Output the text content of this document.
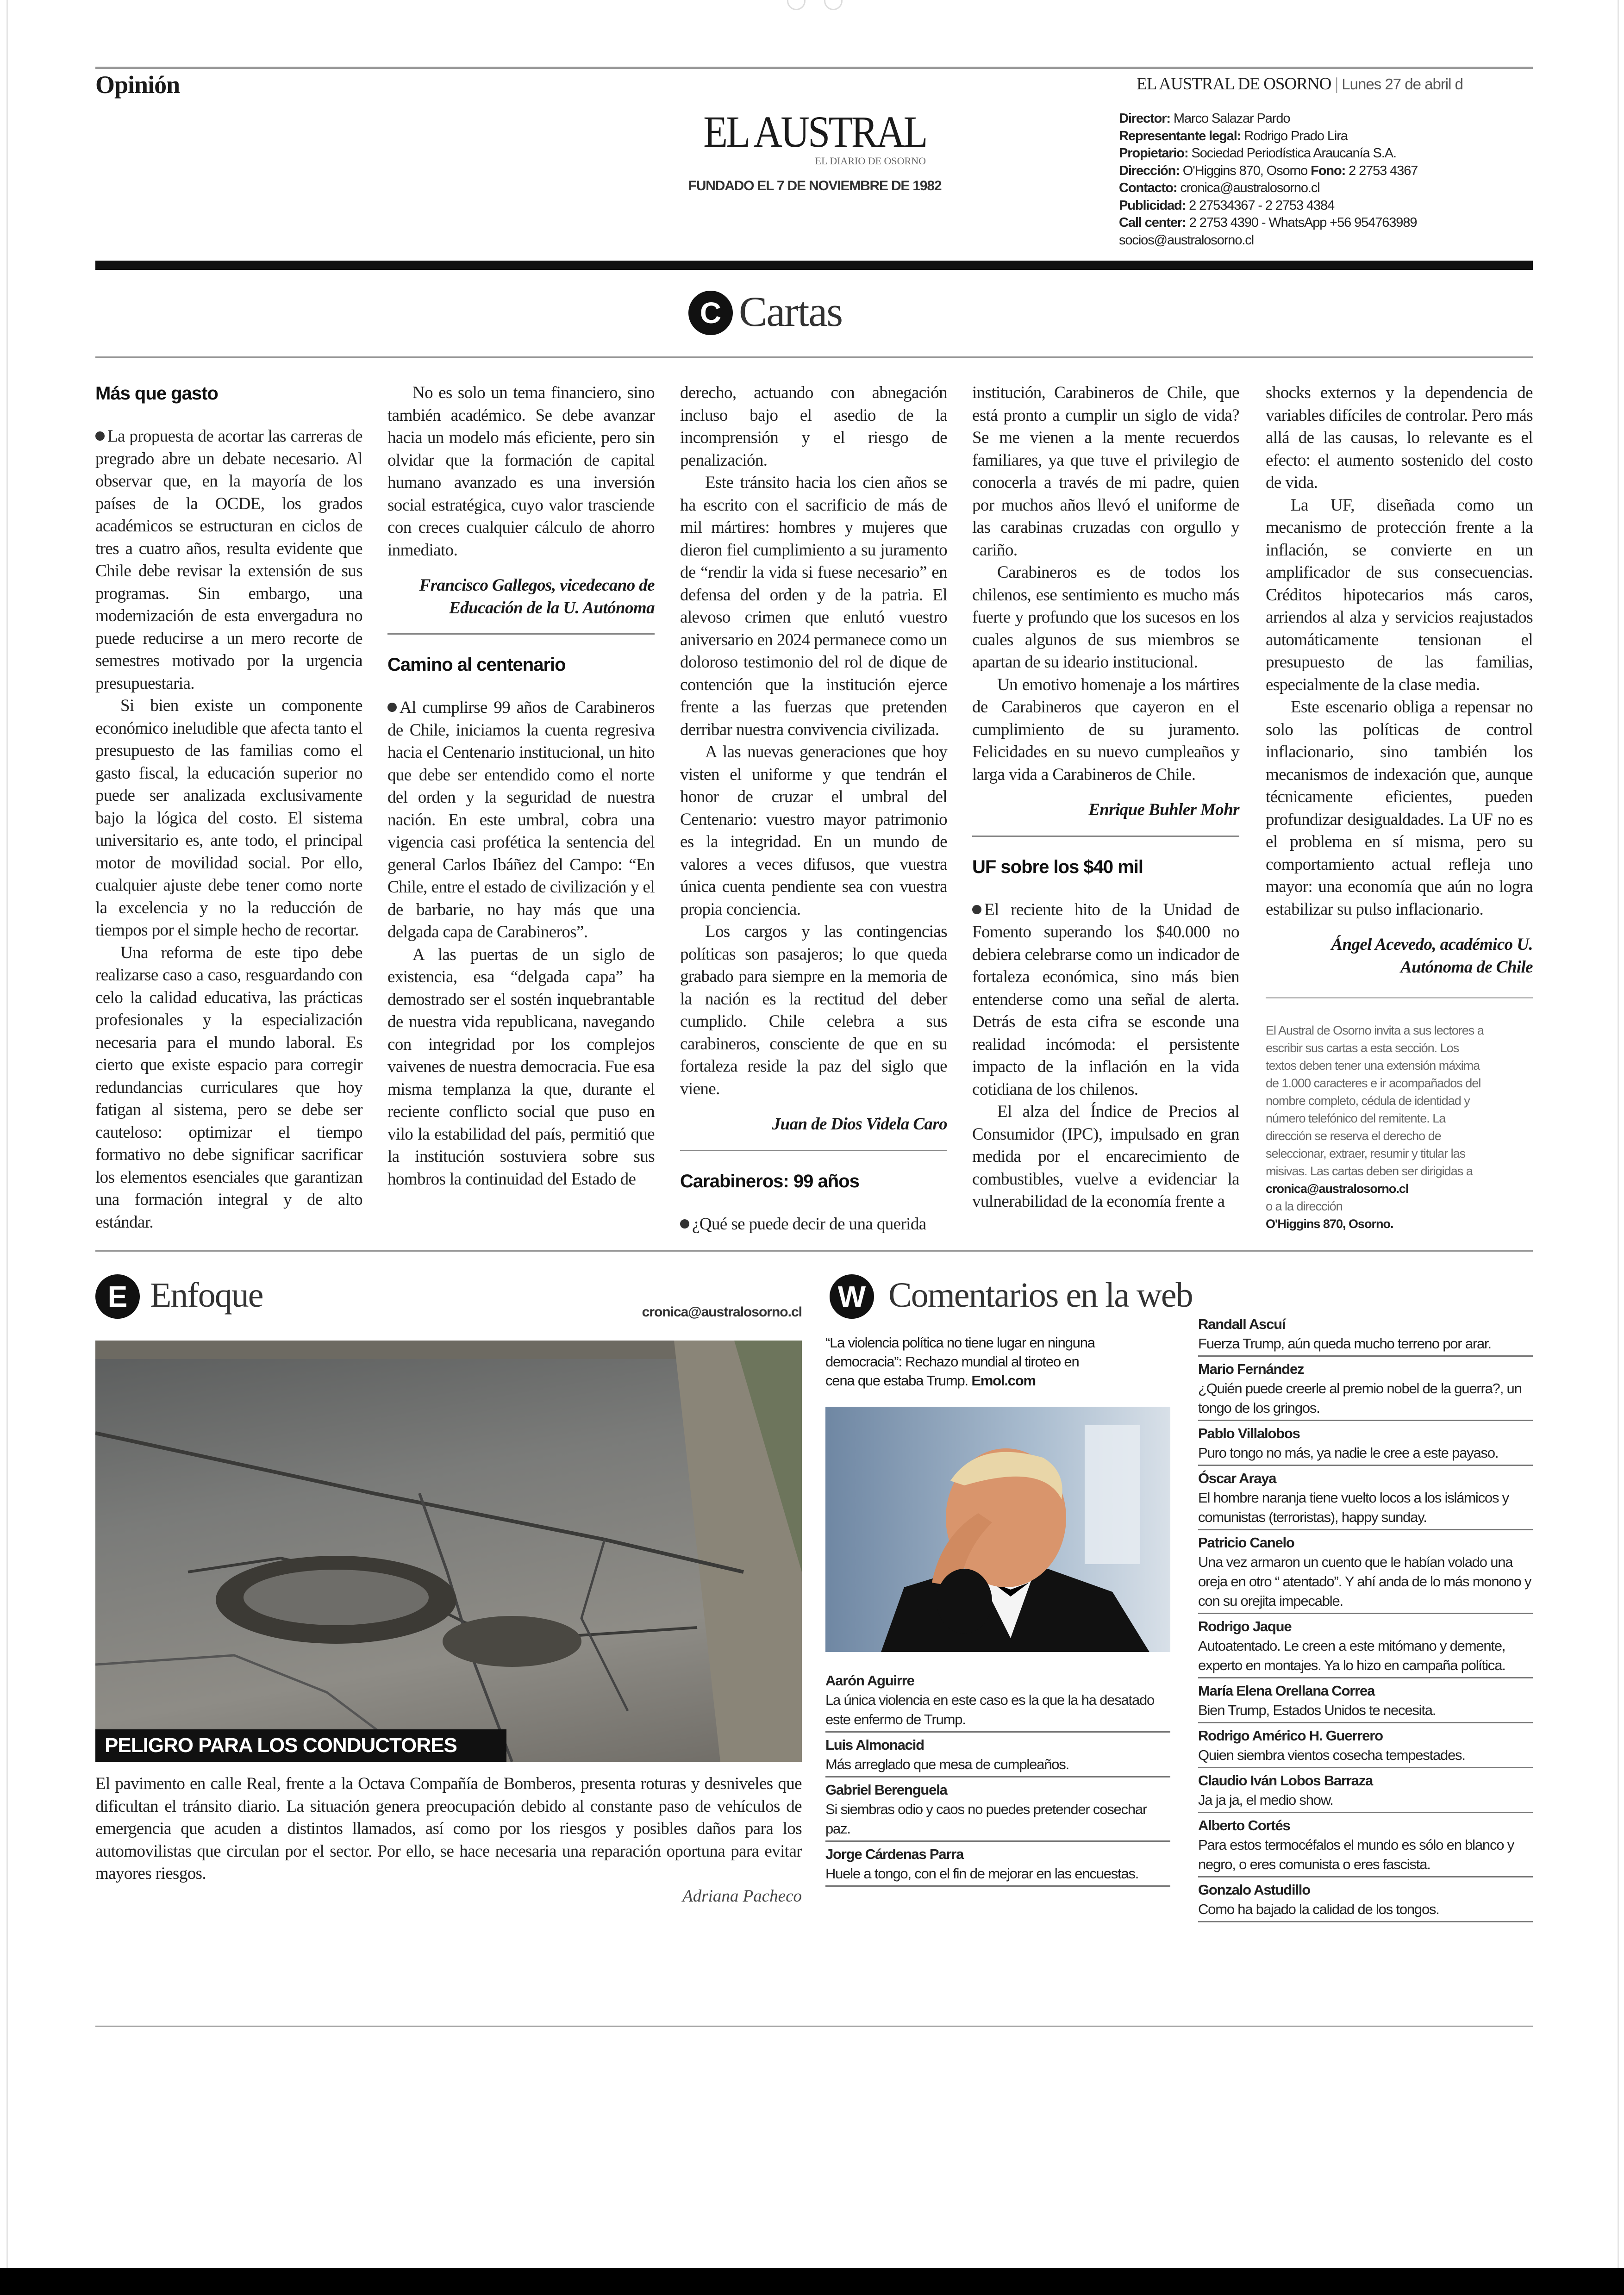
Opinión	EL AUSTRAL DE OSORNO | Lunes 27 de abril d
EL AUSTRAL
EL DIARIO DE OSORNO
FUNDADO EL 7 DE NOVIEMBRE DE 1982
Director: Marco Salazar Pardo
Representante legal: Rodrigo Prado Lira
Propietario: Sociedad Periodística Araucanía S.A.
Dirección: O'Higgins 870, Osorno Fono: 2 2753 4367
Contacto: cronica@australosorno.cl
Publicidad: 2 27534367 - 2 2753 4384
Call center: 2 2753 4390 - WhatsApp +56 954763989
socios@australosorno.cl
C Cartas
Más que gasto

La propuesta de acortar las carreras de pregrado abre un debate necesario. Al observar que, en la mayoría de los países de la OCDE, los grados académicos se estructuran en ciclos de tres a cuatro años, resulta evidente que Chile debe revisar la extensión de sus programas. Sin embargo, una modernización de esta envergadura no puede reducirse a un mero recorte de semestres motivado por la urgencia presupuestaria.

Si bien existe un componente económico ineludible que afecta tanto el presupuesto de las familias como el gasto fiscal, la educación superior no puede ser analizada exclusivamente bajo la lógica del costo. El sistema universitario es, ante todo, el principal motor de movilidad social. Por ello, cualquier ajuste debe tener como norte la excelencia y no la reducción de tiempos por el simple hecho de recortar.

Una reforma de este tipo debe realizarse caso a caso, resguardando con celo la calidad educativa, las prácticas profesionales y la especialización necesaria para el mundo laboral. Es cierto que existe espacio para corregir redundancias curriculares que hoy fatigan al sistema, pero se debe ser cauteloso: optimizar el tiempo formativo no debe significar sacrificar los elementos esenciales que garantizan una formación integral y de alto estándar.

No es solo un tema financiero, sino también académico. Se debe avanzar hacia un modelo más eficiente, pero sin olvidar que la formación de capital humano avanzado es una inversión social estratégica, cuyo valor trasciende con creces cualquier cálculo de ahorro inmediato.

Francisco Gallegos, vicedecano de Educación de la U. Autónoma
Camino al centenario

Al cumplirse 99 años de Carabineros de Chile, iniciamos la cuenta regresiva hacia el Centenario institucional, un hito que debe ser entendido como el norte del orden y la seguridad de nuestra nación. En este umbral, cobra una vigencia casi profética la sentencia del general Carlos Ibáñez del Campo: “En Chile, entre el estado de civilización y el de barbarie, no hay más que una delgada capa de Carabineros”.

A las puertas de un siglo de existencia, esa “delgada capa” ha demostrado ser el sostén inquebrantable de nuestra vida republicana, navegando con integridad por los complejos vaivenes de nuestra democracia. Fue esa misma templanza la que, durante el reciente conflicto social que puso en vilo la estabilidad del país, permitió que la institución sostuviera sobre sus hombros la continuidad del Estado de

derecho, actuando con abnegación incluso bajo el asedio de la incomprensión y el riesgo de penalización.

Este tránsito hacia los cien años se ha escrito con el sacrificio de más de mil mártires: hombres y mujeres que dieron fiel cumplimiento a su juramento de “rendir la vida si fuese necesario” en defensa del orden y de la patria. El alevoso crimen que enlutó vuestro aniversario en 2024 permanece como un doloroso testimonio del rol de dique de contención que la institución ejerce frente a las fuerzas que pretenden derribar nuestra convivencia civilizada.

A las nuevas generaciones que hoy visten el uniforme y que tendrán el honor de cruzar el umbral del Centenario: vuestro mayor patrimonio es la integridad. En un mundo de valores a veces difusos, que vuestra única cuenta pendiente sea con vuestra propia conciencia.

Los cargos y las contingencias políticas son pasajeros; lo que queda grabado para siempre en la memoria de la nación es la rectitud del deber cumplido. Chile celebra a sus carabineros, consciente de que en su fortaleza reside la paz del siglo que viene.

Juan de Dios Videla Caro
Carabineros: 99 años

¿Qué se puede decir de una querida

institución, Carabineros de Chile, que está pronto a cumplir un siglo de vida? Se me vienen a la mente recuerdos familiares, ya que tuve el privilegio de conocerla a través de mi padre, quien por muchos años llevó el uniforme de las carabinas cruzadas con orgullo y cariño.

Carabineros es de todos los chilenos, ese sentimiento es mucho más fuerte y profundo que los sucesos en los cuales algunos de sus miembros se apartan de su ideario institucional.

Un emotivo homenaje a los mártires de Carabineros que cayeron en el cumplimiento de su juramento. Felicidades en su nuevo cumpleaños y larga vida a Carabineros de Chile.

Enrique Buhler Mohr
UF sobre los $40 mil

El reciente hito de la Unidad de Fomento superando los $40.000 no debiera celebrarse como un indicador de fortaleza económica, sino más bien entenderse como una señal de alerta. Detrás de esta cifra se esconde una realidad incómoda: el persistente impacto de la inflación en la vida cotidiana de los chilenos.

El alza del Índice de Precios al Consumidor (IPC), impulsado en gran medida por el encarecimiento de combustibles, vuelve a evidenciar la vulnerabilidad de la economía frente a

shocks externos y la dependencia de variables difíciles de controlar. Pero más allá de las causas, lo relevante es el efecto: el aumento sostenido del costo de vida.

La UF, diseñada como un mecanismo de protección frente a la inflación, se convierte en un amplificador de sus consecuencias. Créditos hipotecarios más caros, arriendos al alza y servicios reajustados automáticamente tensionan el presupuesto de las familias, especialmente de la clase media.

Este escenario obliga a repensar no solo las políticas de control inflacionario, sino también los mecanismos de indexación que, aunque técnicamente eficientes, pueden profundizar desigualdades. La UF no es el problema en sí misma, pero su comportamiento actual refleja uno mayor: una economía que aún no logra estabilizar su pulso inflacionario.

Ángel Acevedo, académico U. Autónoma de Chile
El Austral de Osorno invita a sus lectores a escribir sus cartas a esta sección. Los textos deben tener una extensión máxima de 1.000 caracteres e ir acompañados del nombre completo, cédula de identidad y número telefónico del remitente. La dirección se reserva el derecho de seleccionar, extraer, resumir y titular las misivas. Las cartas deben ser dirigidas a
cronica@australosorno.cl
o a la dirección
O'Higgins 870, Osorno.
E Enfoque	cronica@australosorno.cl
PELIGRO PARA LOS CONDUCTORES
El pavimento en calle Real, frente a la Octava Compañía de Bomberos, presenta roturas y desniveles que dificultan el tránsito diario. La situación genera preocupación debido al constante paso de vehículos de emergencia que acuden a distintos llamados, así como por los riesgos y posibles daños para los automovilistas que circulan por el sector. Por ello, se hace necesaria una reparación oportuna para evitar mayores riesgos.
Adriana Pacheco
W Comentarios en la web
“La violencia política no tiene lugar en ninguna democracia”: Rechazo mundial al tiroteo en cena que estaba Trump. Emol.com
Aarón Aguirre
La única violencia en este caso es la que la ha desatado este enfermo de Trump.
Luis Almonacid
Más arreglado que mesa de cumpleaños.
Gabriel Berenguela
Si siembras odio y caos no puedes pretender cosechar paz.
Jorge Cárdenas Parra
Huele a tongo, con el fin de mejorar en las encuestas.
Randall Ascuí
Fuerza Trump, aún queda mucho terreno por arar.
Mario Fernández
¿Quién puede creerle al premio nobel de la guerra?, un tongo de los gringos.
Pablo Villalobos
Puro tongo no más, ya nadie le cree a este payaso.
Óscar Araya
El hombre naranja tiene vuelto locos a los islámicos y comunistas (terroristas), happy sunday.
Patricio Canelo
Una vez armaron un cuento que le habían volado una oreja en otro “ atentado”. Y ahí anda de lo más monono y con su orejita impecable.
Rodrigo Jaque
Autoatentado. Le creen a este mitómano y demente, experto en montajes. Ya lo hizo en campaña política.
María Elena Orellana Correa
Bien Trump, Estados Unidos te necesita.
Rodrigo Américo H. Guerrero
Quien siembra vientos cosecha tempestades.
Claudio Iván Lobos Barraza
Ja ja ja, el medio show.
Alberto Cortés
Para estos termocéfalos el mundo es sólo en blanco y negro, o eres comunista o eres fascista.
Gonzalo Astudillo
Como ha bajado la calidad de los tongos.
